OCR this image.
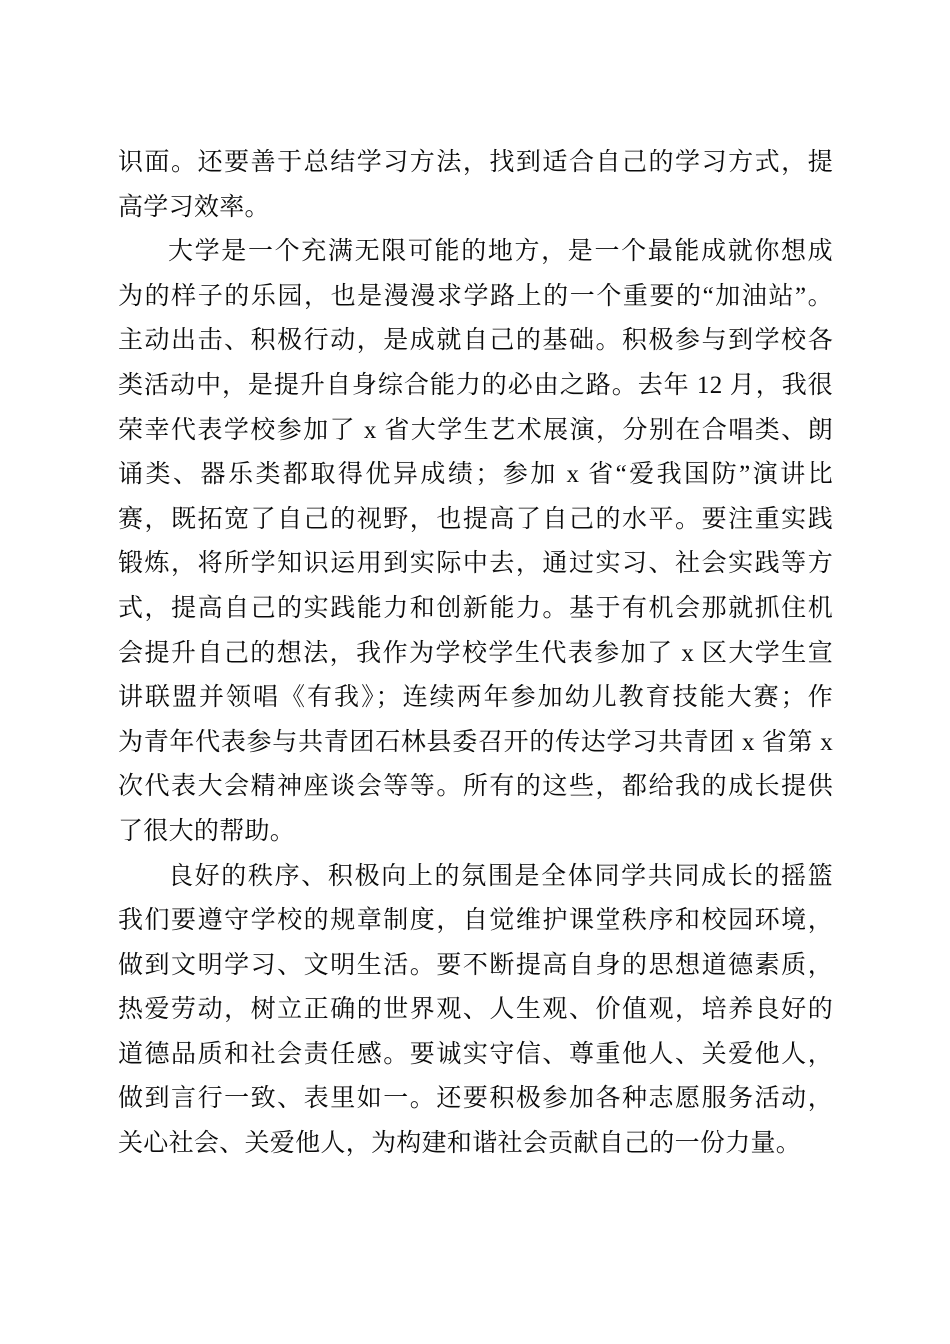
识面。还要善于总结学习方法，找到适合自己的学习方式，提
高学习效率。
大学是一个充满无限可能的地方，是一个最能成就你想成
为的样子的乐园，也是漫漫求学路上的一个重要的“加油站”。
主动出击、积极行动，是成就自己的基础。积极参与到学校各
类活动中，是提升自身综合能力的必由之路。去年 12 月，我很
荣幸代表学校参加了 x 省大学生艺术展演，分别在合唱类、朗
诵类、器乐类都取得优异成绩；参加 x 省“爱我国防”演讲比
赛，既拓宽了自己的视野，也提高了自己的水平。要注重实践
锻炼，将所学知识运用到实际中去，通过实习、社会实践等方
式，提高自己的实践能力和创新能力。基于有机会那就抓住机
会提升自己的想法，我作为学校学生代表参加了 x 区大学生宣
讲联盟并领唱《有我》；连续两年参加幼儿教育技能大赛；作
为青年代表参与共青团石林县委召开的传达学习共青团 x 省第 x
次代表大会精神座谈会等等。所有的这些，都给我的成长提供
了很大的帮助。
良好的秩序、积极向上的氛围是全体同学共同成长的摇篮
我们要遵守学校的规章制度，自觉维护课堂秩序和校园环境，
做到文明学习、文明生活。要不断提高自身的思想道德素质，
热爱劳动，树立正确的世界观、人生观、价值观，培养良好的
道德品质和社会责任感。要诚实守信、尊重他人、关爱他人，
做到言行一致、表里如一。还要积极参加各种志愿服务活动，
关心社会、关爱他人，为构建和谐社会贡献自己的一份力量。
